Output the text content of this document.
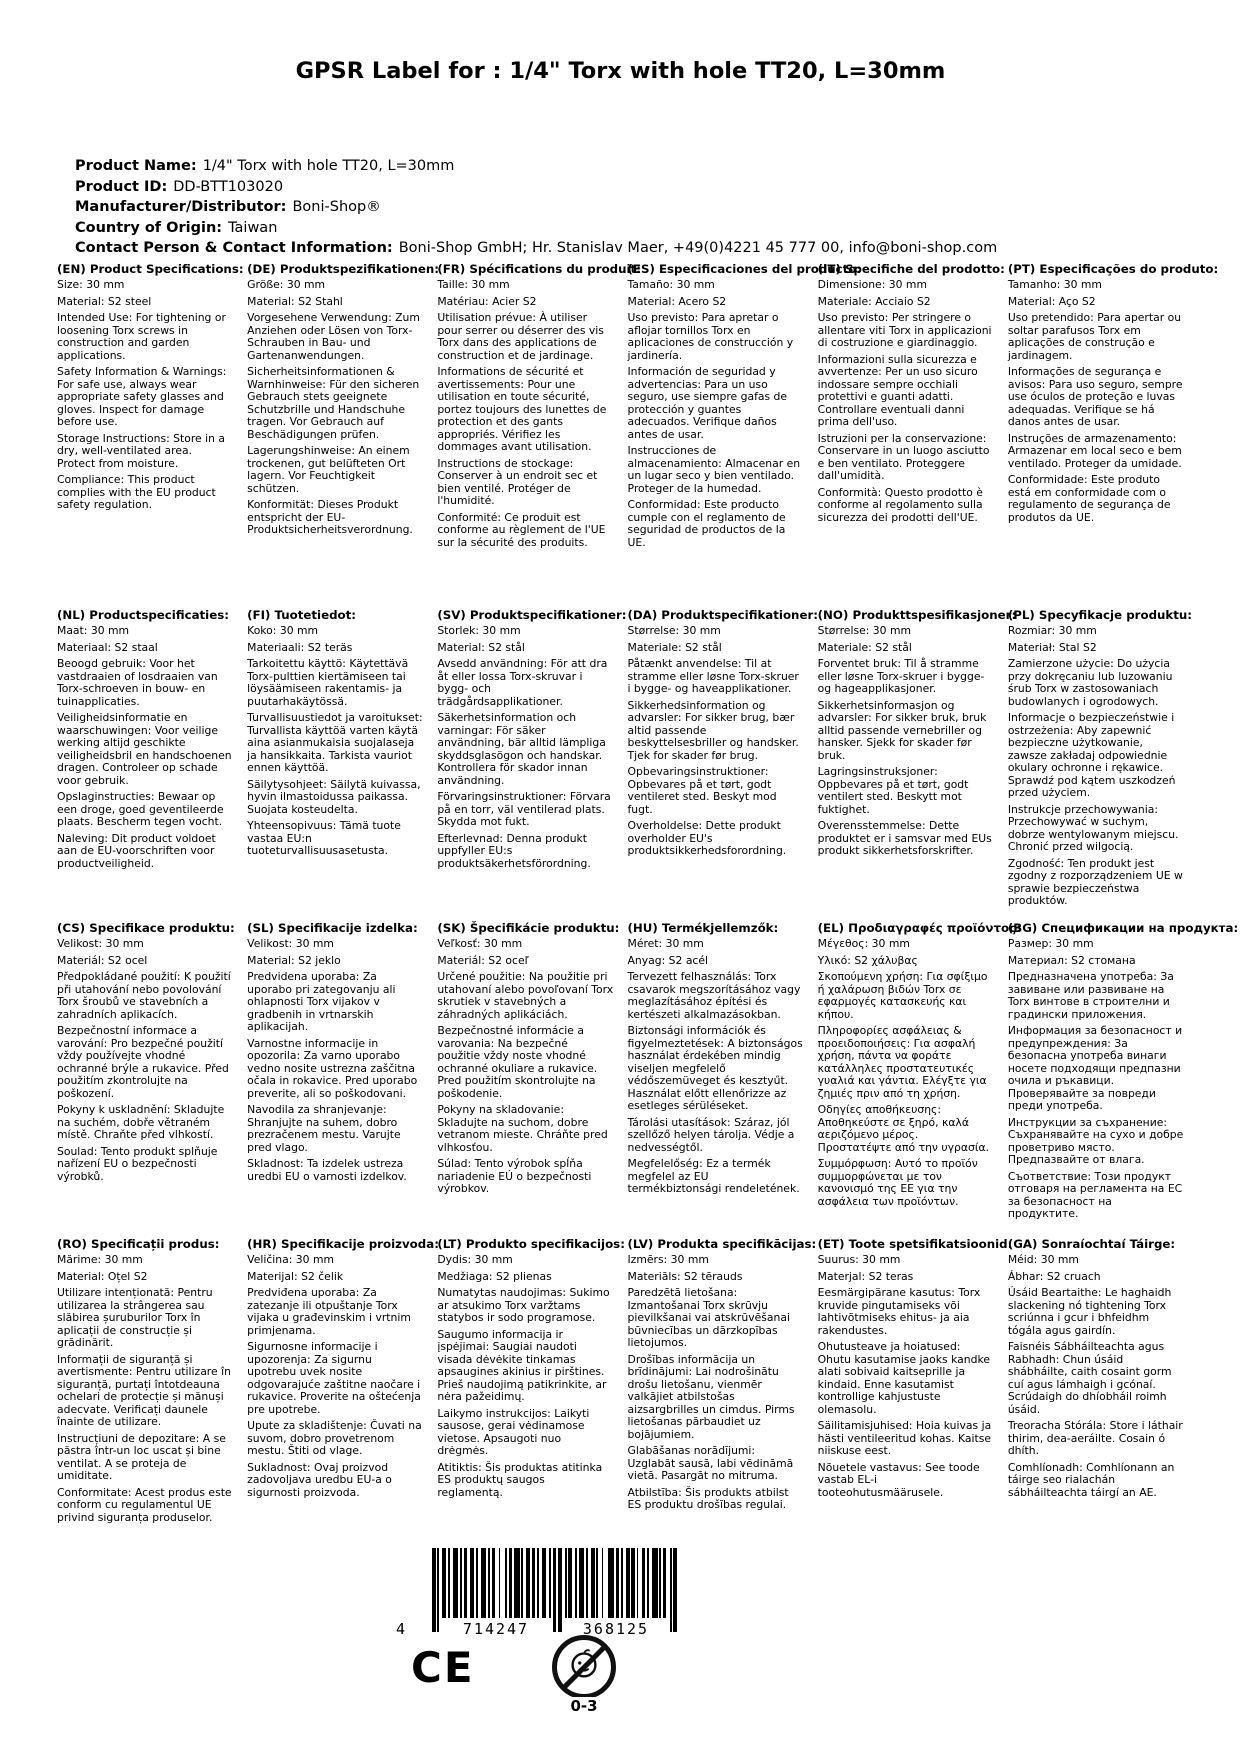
GPSR Label for : 1/4" Torx with hole TT20, L=30mm
Product Name: 1/4" Torx with hole TT20, L=30mm
Product ID: DD-BTT103020
Manufacturer/Distributor: Boni-Shop®
Country of Origin: Taiwan
Contact Person & Contact Information: Boni-Shop GmbH; Hr. Stanislav Maer, +49(0)4221 45 777 00, info@boni-shop.com
(EN) Product Specifications:

Size: 30 mm

Material: S2 steel

Intended Use: For tightening or loosening Torx screws in construction and garden applications.

Safety Information & Warnings: For safe use, always wear appropriate safety glasses and gloves. Inspect for damage before use.

Storage Instructions: Store in a dry, well-ventilated area. Protect from moisture.

Compliance: This product complies with the EU product safety regulation.

(DE) Produktspezifikationen:

Größe: 30 mm

Material: S2 Stahl

Vorgesehene Verwendung: Zum Anziehen oder Lösen von Torx-Schrauben in Bau- und Gartenanwendungen.

Sicherheitsinformationen & Warnhinweise: Für den sicheren Gebrauch stets geeignete Schutzbrille und Handschuhe tragen. Vor Gebrauch auf Beschädigungen prüfen.

Lagerungshinweise: An einem trockenen, gut belüfteten Ort lagern. Vor Feuchtigkeit schützen.

Konformität: Dieses Produkt entspricht der EU-Produktsicherheitsverordnung.

(FR) Spécifications du produit:

Taille: 30 mm

Matériau: Acier S2

Utilisation prévue: À utiliser pour serrer ou déserrer des vis Torx dans des applications de construction et de jardinage.

Informations de sécurité et avertissements: Pour une utilisation en toute sécurité, portez toujours des lunettes de protection et des gants appropriés. Vérifiez les dommages avant utilisation.

Instructions de stockage: Conserver à un endroit sec et bien ventilé. Protéger de l'humidité.

Conformité: Ce produit est conforme au règlement de l'UE sur la sécurité des produits.

(ES) Especificaciones del producto:

Tamaño: 30 mm

Material: Acero S2

Uso previsto: Para apretar o aflojar tornillos Torx en aplicaciones de construcción y jardinería.

Información de seguridad y advertencias: Para un uso seguro, use siempre gafas de protección y guantes adecuados. Verifique daños antes de usar.

Instrucciones de almacenamiento: Almacenar en un lugar seco y bien ventilado. Proteger de la humedad.

Conformidad: Este producto cumple con el reglamento de seguridad de productos de la UE.

(IT) Specifiche del prodotto:

Dimensione: 30 mm

Materiale: Acciaio S2

Uso previsto: Per stringere o allentare viti Torx in applicazioni di costruzione e giardinaggio.

Informazioni sulla sicurezza e avvertenze: Per un uso sicuro indossare sempre occhiali protettivi e guanti adatti. Controllare eventuali danni prima dell'uso.

Istruzioni per la conservazione: Conservare in un luogo asciutto e ben ventilato. Proteggere dall'umidità.

Conformità: Questo prodotto è conforme al regolamento sulla sicurezza dei prodotti dell'UE.

(PT) Especificações do produto:

Tamanho: 30 mm

Material: Aço S2

Uso pretendido: Para apertar ou soltar parafusos Torx em aplicações de construção e jardinagem.

Informações de segurança e avisos: Para uso seguro, sempre use óculos de proteção e luvas adequadas. Verifique se há danos antes de usar.

Instruções de armazenamento: Armazenar em local seco e bem ventilado. Proteger da umidade.

Conformidade: Este produto está em conformidade com o regulamento de segurança de produtos da UE.

(NL) Productspecificaties:

Maat: 30 mm

Materiaal: S2 staal

Beoogd gebruik: Voor het vastdraaien of losdraaien van Torx-schroeven in bouw- en tuinapplicaties.

Veiligheidsinformatie en waarschuwingen: Voor veilige werking altijd geschikte veiligheidsbril en handschoenen dragen. Controleer op schade voor gebruik.

Opslaginstructies: Bewaar op een droge, goed geventileerde plaats. Bescherm tegen vocht.

Naleving: Dit product voldoet aan de EU-voorschriften voor productveiligheid.

(FI) Tuotetiedot:

Koko: 30 mm

Materiaali: S2 teräs

Tarkoitettu käyttö: Käytettävä Torx-pulttien kiertämiseen tai löysäämiseen rakentamis- ja puutarhakäytössä.

Turvallisuustiedot ja varoitukset: Turvallista käyttöä varten käytä aina asianmukaisia suojalaseja ja hansikkaita. Tarkista vauriot ennen käyttöä.

Säilytysohjeet: Säilytä kuivassa, hyvin ilmastoidussa paikassa. Suojata kosteudelta.

Yhteensopivuus: Tämä tuote vastaa EU:n tuoteturvallisuusasetusta.

(SV) Produktspecifikationer:

Storlek: 30 mm

Material: S2 stål

Avsedd användning: För att dra åt eller lossa Torx-skruvar i bygg- och trädgårdsapplikationer.

Säkerhetsinformation och varningar: För säker användning, bär alltid lämpliga skyddsglasögon och handskar. Kontrollera för skador innan användning.

Förvaringsinstruktioner: Förvara på en torr, väl ventilerad plats. Skydda mot fukt.

Efterlevnad: Denna produkt uppfyller EU:s produktsäkerhetsförordning.

(DA) Produktspecifikationer:

Størrelse: 30 mm

Materiale: S2 stål

Påtænkt anvendelse: Til at stramme eller løsne Torx-skruer i bygge- og haveapplikationer.

Sikkerhedsinformation og advarsler: For sikker brug, bær altid passende beskyttelsesbriller og handsker. Tjek for skader før brug.

Opbevaringsinstruktioner: Opbevares på et tørt, godt ventileret sted. Beskyt mod fugt.

Overholdelse: Dette produkt overholder EU's produktsikkerhedsforordning.

(NO) Produkttspesifikasjoner:

Størrelse: 30 mm

Materiale: S2 stål

Forventet bruk: Til å stramme eller løsne Torx-skruer i bygge- og hageapplikasjoner.

Sikkerhetsinformasjon og advarsler: For sikker bruk, bruk alltid passende vernebriller og hansker. Sjekk for skader før bruk.

Lagringsinstruksjoner: Oppbevares på et tørt, godt ventilert sted. Beskytt mot fuktighet.

Overensstemmelse: Dette produktet er i samsvar med EUs produkt sikkerhetsforskrifter.

(PL) Specyfikacje produktu:

Rozmiar: 30 mm

Materiał: Stal S2

Zamierzone użycie: Do użycia przy dokręcaniu lub luzowaniu śrub Torx w zastosowaniach budowlanych i ogrodowych.

Informacje o bezpieczeństwie i ostrzeżenia: Aby zapewnić bezpieczne użytkowanie, zawsze zakładaj odpowiednie okulary ochronne i rękawice. Sprawdź pod kątem uszkodzeń przed użyciem.

Instrukcje przechowywania: Przechowywać w suchym, dobrze wentylowanym miejscu. Chronić przed wilgocią.

Zgodność: Ten produkt jest zgodny z rozporządzeniem UE w sprawie bezpieczeństwa produktów.

(CS) Specifikace produktu:

Velikost: 30 mm

Materiál: S2 ocel

Předpokládané použití: K použití při utahování nebo povolování Torx šroubů ve stavebních a zahradních aplikacích.

Bezpečnostní informace a varování: Pro bezpečné použití vždy používejte vhodné ochranné brýle a rukavice. Před použitím zkontrolujte na poškození.

Pokyny k uskladnění: Skladujte na suchém, dobře větraném místě. Chraňte před vlhkostí.

Soulad: Tento produkt splňuje nařízení EU o bezpečnosti výrobků.

(SL) Specifikacije izdelka:

Velikost: 30 mm

Material: S2 jeklo

Predvidena uporaba: Za uporabo pri zategovanju ali ohlapnosti Torx vijakov v gradbenih in vrtnarskih aplikacijah.

Varnostne informacije in opozorila: Za varno uporabo vedno nosite ustrezna zaščitna očala in rokavice. Pred uporabo preverite, ali so poškodovani.

Navodila za shranjevanje: Shranjujte na suhem, dobro prezračenem mestu. Varujte pred vlago.

Skladnost: Ta izdelek ustreza uredbi EU o varnosti izdelkov.

(SK) Špecifikácie produktu:

Veľkosť: 30 mm

Materiál: S2 oceľ

Určené použitie: Na použitie pri utahovaní alebo povoľovaní Torx skrutiek v stavebných a záhradných aplikáciách.

Bezpečnostné informácie a varovania: Na bezpečné použitie vždy noste vhodné ochranné okuliare a rukavice. Pred použitím skontrolujte na poškodenie.

Pokyny na skladovanie: Skladujte na suchom, dobre vetranom mieste. Chráňte pred vlhkosťou.

Súlad: Tento výrobok spĺňa nariadenie EÚ o bezpečnosti výrobkov.

(HU) Termékjellemzők:

Méret: 30 mm

Anyag: S2 acél

Tervezett felhasználás: Torx csavarok megszorításához vagy meglazításához építési és kertészeti alkalmazásokban.

Biztonsági információk és figyelmeztetések: A biztonságos használat érdekében mindig viseljen megfelelő védőszemüveget és kesztyűt. Használat előtt ellenőrizze az esetleges sérüléseket.

Tárolási utasítások: Száraz, jól szellőző helyen tárolja. Védje a nedvességtől.

Megfelelőség: Ez a termék megfelel az EU termékbiztonsági rendeletének.

(EL) Προδιαγραφές προϊόντος:

Μέγεθος: 30 mm

Υλικό: S2 χάλυβας

Σκοπούμενη χρήση: Για σφίξιμο ή χαλάρωση βιδών Torx σε εφαρμογές κατασκευής και κήπου.

Πληροφορίες ασφάλειας & προειδοποιήσεις: Για ασφαλή χρήση, πάντα να φοράτε κατάλληλες προστατευτικές γυαλιά και γάντια. Ελέγξτε για ζημιές πριν από τη χρήση.

Οδηγίες αποθήκευσης: Αποθηκεύστε σε ξηρό, καλά αεριζόμενο μέρος. Προστατέψτε από την υγρασία.

Συμμόρφωση: Αυτό το προϊόν συμμορφώνεται με τον κανονισμό της ΕΕ για την ασφάλεια των προϊόντων.

(BG) Спецификации на продукта:

Размер: 30 mm

Материал: S2 стомана

Предназначена употреба: За завиване или развиване на Torx винтове в строителни и градински приложения.

Информация за безопасност и предупреждения: За безопасна употреба винаги носете подходящи предпазни очила и ръкавици. Проверявайте за повреди преди употреба.

Инструкции за съхранение: Съхранявайте на сухо и добре проветриво място. Предпазвайте от влага.

Съответствие: Този продукт отговаря на регламента на ЕС за безопасност на продуктите.

(RO) Specificații produs:

Mărime: 30 mm

Material: Oțel S2

Utilizare intenționată: Pentru utilizarea la strângerea sau slăbirea șuruburilor Torx în aplicații de construcție și grădinărit.

Informații de siguranță și avertismente: Pentru utilizare în siguranță, purtați întotdeauna ochelari de protecție și mănuși adecvate. Verificați daunele înainte de utilizare.

Instrucțiuni de depozitare: A se păstra într-un loc uscat și bine ventilat. A se proteja de umiditate.

Conformitate: Acest produs este conform cu regulamentul UE privind siguranța produselor.

(HR) Specifikacije proizvoda:

Veličina: 30 mm

Materijal: S2 čelik

Predviđena uporaba: Za zatezanje ili otpuštanje Torx vijaka u građevinskim i vrtnim primjenama.

Sigurnosne informacije i upozorenja: Za sigurnu upotrebu uvek nosite odgovarajuće zaštitne naočare i rukavice. Proverite na oštećenja pre upotrebe.

Upute za skladištenje: Čuvati na suvom, dobro provetrenom mestu. Štiti od vlage.

Sukladnost: Ovaj proizvod zadovoljava uredbu EU-a o sigurnosti proizvoda.

(LT) Produkto specifikacijos:

Dydis: 30 mm

Medžiaga: S2 plienas

Numatytas naudojimas: Sukimo ar atsukimo Torx varžtams statybos ir sodo programose.

Saugumo informacija ir įspėjimai: Saugiai naudoti visada dėvėkite tinkamas apsaugines akinius ir pirštines. Prieš naudojimą patikrinkite, ar nėra pažeidimų.

Laikymo instrukcijos: Laikyti sausose, gerai vėdinamose vietose. Apsaugoti nuo drėgmės.

Atitiktis: Šis produktas atitinka ES produktų saugos reglamentą.

(LV) Produkta specifikācijas:

Izmērs: 30 mm

Materiāls: S2 tērauds

Paredzētā lietošana: Izmantošanai Torx skrūvju pievilkšanai vai atskrūvēšanai būvniecības un dārzkopības lietojumos.

Drošības informācija un brīdinājumi: Lai nodrošinātu drošu lietošanu, vienmēr valkājiet atbilstošas aizsargbrilles un cimdus. Pirms lietošanas pārbaudiet uz bojājumiem.

Glabāšanas norādījumi: Uzglabāt sausā, labi vēdināmā vietā. Pasargāt no mitruma.

Atbilstība: Šis produkts atbilst ES produktu drošības regulai.

(ET) Toote spetsifikatsioonid:

Suurus: 30 mm

Materjal: S2 teras

Eesmärgipärane kasutus: Torx kruvide pingutamiseks või lahtivõtmiseks ehitus- ja aia rakendustes.

Ohutusteave ja hoiatused: Ohutu kasutamise jaoks kandke alati sobivaid kaitseprille ja kindaid. Enne kasutamist kontrollige kahjustuste olemasolu.

Säilitamisjuhised: Hoia kuivas ja hästi ventileeritud kohas. Kaitse niiskuse eest.

Nõuetele vastavus: See toode vastab EL-i tooteohutusmäärusele.

(GA) Sonraíochtaí Táirge:

Méid: 30 mm

Ábhar: S2 cruach

Úsáid Beartaithe: Le haghaidh slackening nó tightening Torx scriúnna i gcur i bhfeidhm tógála agus gairdín.

Faisnéis Sábháilteachta agus Rabhadh: Chun úsáid shábháilte, caith cosaint gorm cuí agus lámhaigh i gcónaí. Scrúdaigh do dhíobháil roimh úsáid.

Treoracha Stórála: Store i láthair thirim, dea-aeráilte. Cosain ó dhíth.

Comhlíonadh: Comhlíonann an táirge seo rialachán sábháilteachta táirgí an AE.

4	714247	368125
CE
0-3
